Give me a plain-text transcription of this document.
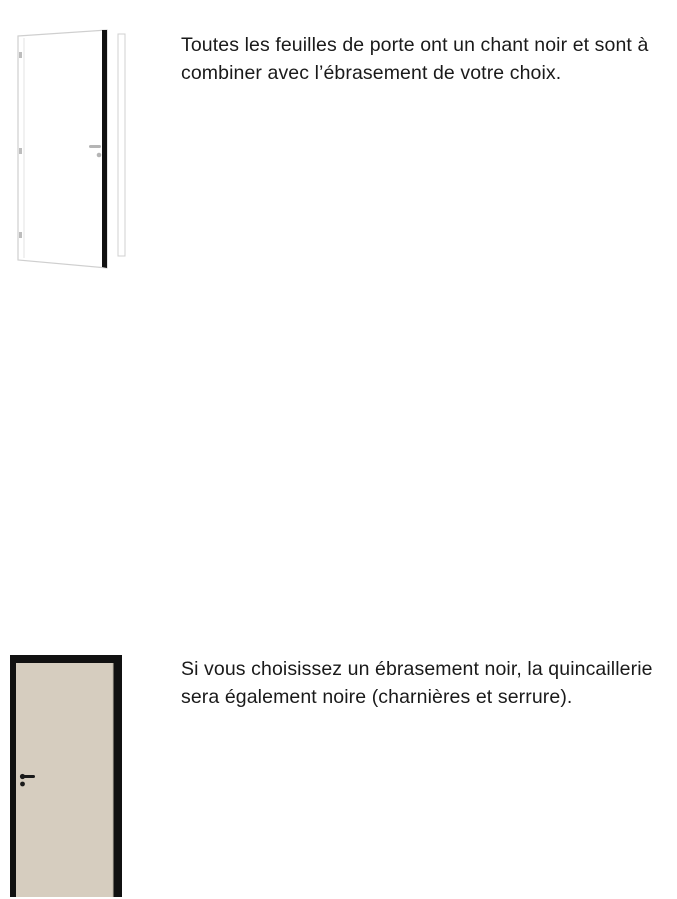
Toutes les feuilles de porte ont un chant noir et sont à combiner avec l’ébrasement de votre choix.

Si vous choisissez un ébrasement noir, la quincaillerie sera également noire (charnières et serrure).
